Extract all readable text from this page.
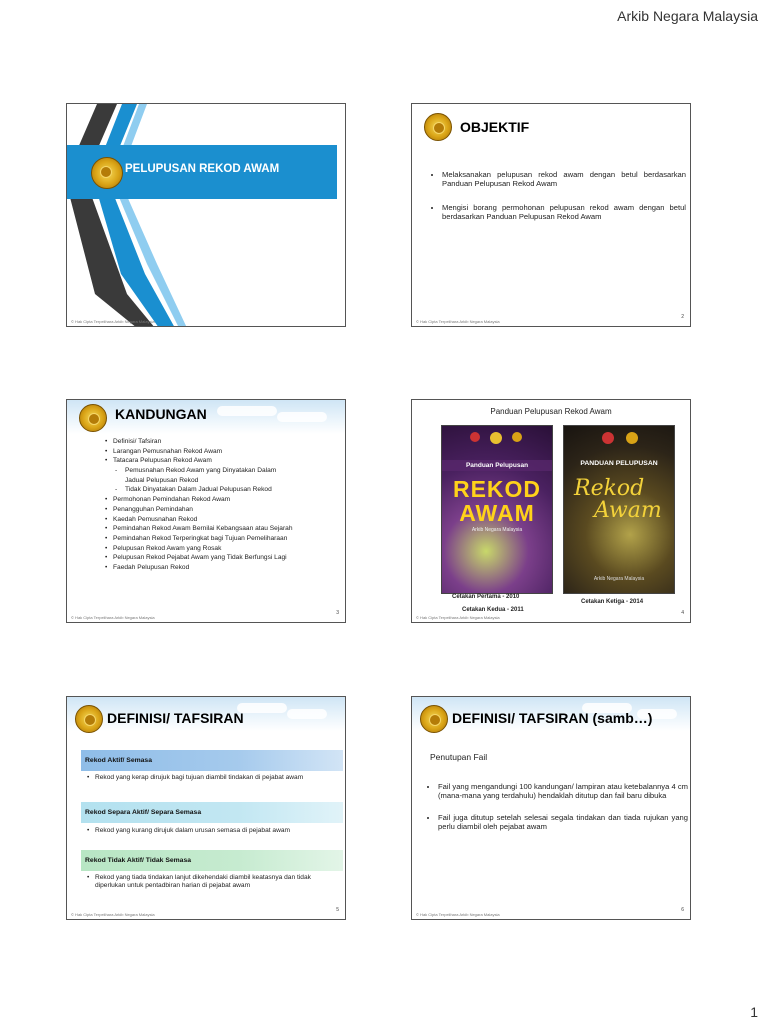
Arkib Negara Malaysia
PELUPUSAN REKOD AWAM
© Hak Cipta Terpelihara Arkib Negara Malaysia
OBJEKTIF
• Melaksanakan pelupusan rekod awam dengan betul berdasarkan Panduan Pelupusan Rekod Awam
• Mengisi borang permohonan pelupusan rekod awam dengan betul berdasarkan Panduan Pelupusan Rekod Awam
2
© Hak Cipta Terpelihara Arkib Negara Malaysia
KANDUNGAN
• Definisi/ Tafsiran
• Larangan Pemusnahan Rekod Awam
• Tatacara Pelupusan Rekod Awam
- Pemusnahan Rekod Awam yang Dinyatakan Dalam
Jadual Pelupusan Rekod
- Tidak Dinyatakan Dalam Jadual Pelupusan Rekod
• Permohonan Pemindahan Rekod Awam
• Penangguhan Pemindahan
• Kaedah Pemusnahan Rekod
• Pemindahan Rekod Awam Bernilai Kebangsaan atau Sejarah
• Pemindahan Rekod Terperingkat bagi Tujuan Pemeliharaan
• Pelupusan Rekod Awam yang Rosak
• Pelupusan Rekod Pejabat Awam yang Tidak Berfungsi Lagi
• Faedah Pelupusan Rekod
3
© Hak Cipta Terpelihara Arkib Negara Malaysia
Panduan Pelupusan Rekod Awam
Panduan Pelupusan
REKOD
AWAM
Arkib Negara Malaysia
PANDUAN PELUPUSAN
Rekod
Awam
Arkib Negara Malaysia
Cetakan Pertama - 2010
Cetakan Kedua - 2011
Cetakan Ketiga - 2014
4
© Hak Cipta Terpelihara Arkib Negara Malaysia
DEFINISI/ TAFSIRAN
Rekod Aktif/ Semasa
• Rekod yang kerap dirujuk bagi tujuan diambil tindakan di pejabat awam
Rekod Separa Aktif/ Separa Semasa
• Rekod yang kurang dirujuk dalam urusan semasa di pejabat awam
Rekod Tidak Aktif/ Tidak Semasa
• Rekod yang tiada tindakan lanjut dikehendaki diambil keatasnya dan tidak diperlukan untuk pentadbiran harian di pejabat awam
5
© Hak Cipta Terpelihara Arkib Negara Malaysia
DEFINISI/ TAFSIRAN (samb…)
Penutupan Fail
• Fail yang mengandungi 100 kandungan/ lampiran atau ketebalannya 4 cm (mana-mana yang terdahulu) hendaklah ditutup dan fail baru dibuka
• Fail juga ditutup setelah selesai segala tindakan dan tiada rujukan yang perlu diambil oleh pejabat awam
6
© Hak Cipta Terpelihara Arkib Negara Malaysia
1
